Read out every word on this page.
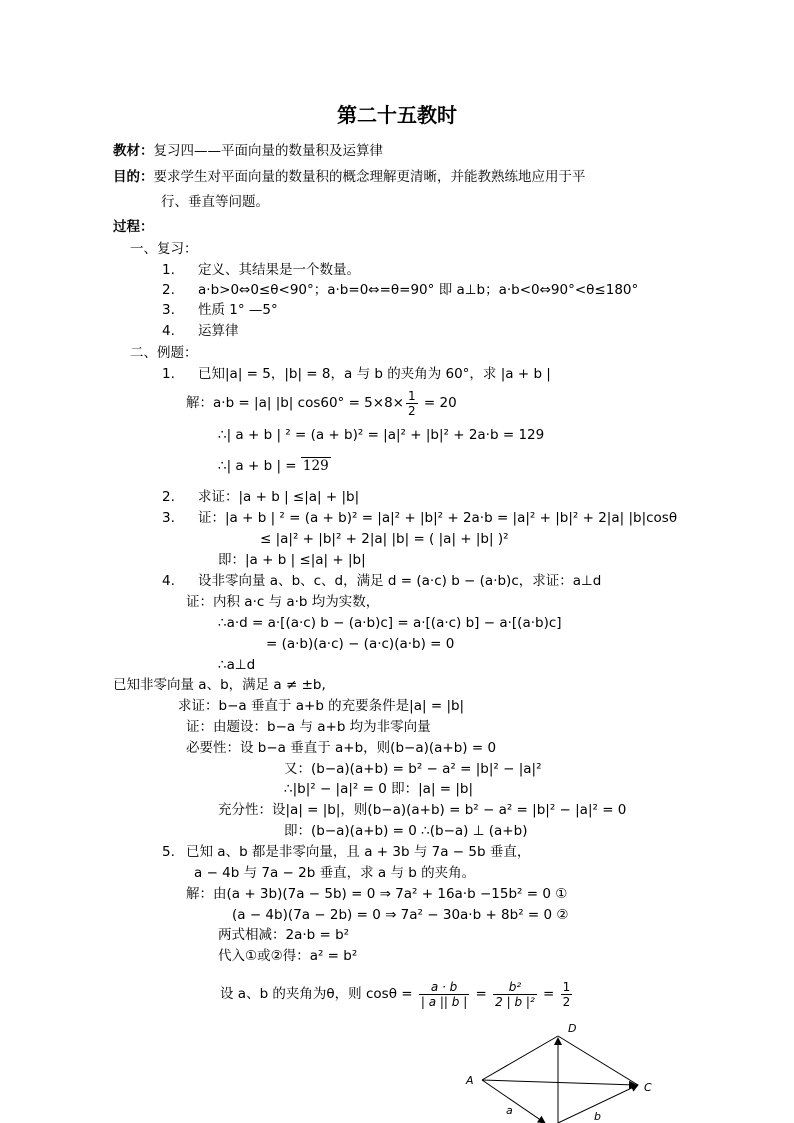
第二十五教时
教材：复习四——平面向量的数量积及运算律
目的：要求学生对平面向量的数量积的概念理解更清晰，并能教熟练地应用于平
行、垂直等问题。
过程：
一、复习：
1. 定义、其结果是一个数量。
2. a·b>0⇔0≤θ<90°；a·b=0⇔=θ=90° 即 a⊥b；a·b<0⇔90°<θ≤180°
3. 性质 1° —5°
4. 运算律
二、例题：
1. 已知|a| = 5，|b| = 8，a 与 b 的夹角为 60°，求 |a + b |
解：a·b = |a| |b| $\cos 60^\circ = 5\times 8\times \frac{1}{2} = 20$
∴| a + b | ² = (a + b)² = |a|² + |b|² + 2a·b = 129
∴| a + b | = 129
2. 求证：|a + b | ≤|a| + |b|
3. 证：|a + b | ² = (a + b)² = |a|² + |b|² + 2a·b = |a|² + |b|² + 2|a| |b|cosθ
≤ |a|² + |b|² + 2|a| |b| = ( |a| + |b| )²
即：|a + b | ≤|a| + |b|
4. 设非零向量 a、b、c、d，满足 d = (a·c) b − (a·b)c，求证：a⊥d
证：内积 a·c 与 a·b 均为实数，
∴a·d = a·[(a·c) b − (a·b)c] = a·[(a·c) b] − a·[(a·b)c]
= (a·b)(a·c) − (a·c)(a·b) = 0
∴a⊥d
已知非零向量 a、b，满足 a ≠ ±b,
求证：b−a 垂直于 a+b 的充要条件是|a| = |b|
证：由题设：b−a 与 a+b 均为非零向量
必要性：设 b−a 垂直于 a+b，则(b−a)(a+b) = 0
又：(b−a)(a+b) = b² − a² = |b|² − |a|²
∴|b|² − |a|² = 0 即：|a| = |b|
充分性：设|a| = |b|，则(b−a)(a+b) = b² − a² = |b|² − |a|² = 0
即：(b−a)(a+b) = 0 ∴(b−a) ⊥ (a+b)
5. 已知 a、b 都是非零向量，且 a + 3b 与 7a − 5b 垂直，
a − 4b 与 7a − 2b 垂直，求 a 与 b 的夹角。
解：由(a + 3b)(7a − 5b) = 0 ⇒ 7a² + 16a·b −15b² = 0 ①
(a − 4b)(7a − 2b) = 0 ⇒ 7a² − 30a·b + 8b² = 0 ②
两式相减：2a·b = b²
代入①或②得：a² = b²
设 a、b 的夹角为θ，则 $\cos\theta = \frac{a \cdot b}{| a || b |} = \frac{\text{b²}}{\text{2 | b |²}} = \frac{1}{2}$
D
A
C
a	b
